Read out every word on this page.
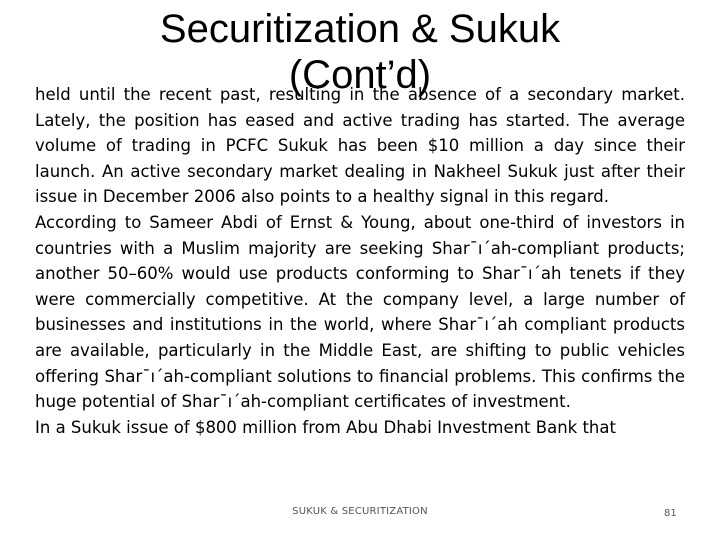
Securitization & Sukuk

held until the recent past, resulting in the absence of a secondary market. Lately, the position has eased and active trading has started. The average volume of trading in PCFC Sukuk has been $10 million a day since their launch. An active secondary market dealing in Nakheel Sukuk just after their issue in December 2006 also points to a healthy signal in this regard.

According to Sameer Abdi of Ernst & Young, about one-third of investors in countries with a Muslim majority are seeking Shar¯ı´ah-compliant products; another 50–60% would use products conforming to Shar¯ı´ah tenets if they were commercially competitive. At the company level, a large number of businesses and institutions in the world, where Shar¯ı´ah compliant products are available, particularly in the Middle East, are shifting to public vehicles offering Shar¯ı´ah-compliant solutions to financial problems. This confirms the huge potential of Shar¯ı´ah-compliant certificates of investment.

In a Sukuk issue of $800 million from Abu Dhabi Investment Bank that

(Cont’d)
SUKUK & SECURITIZATION	81
